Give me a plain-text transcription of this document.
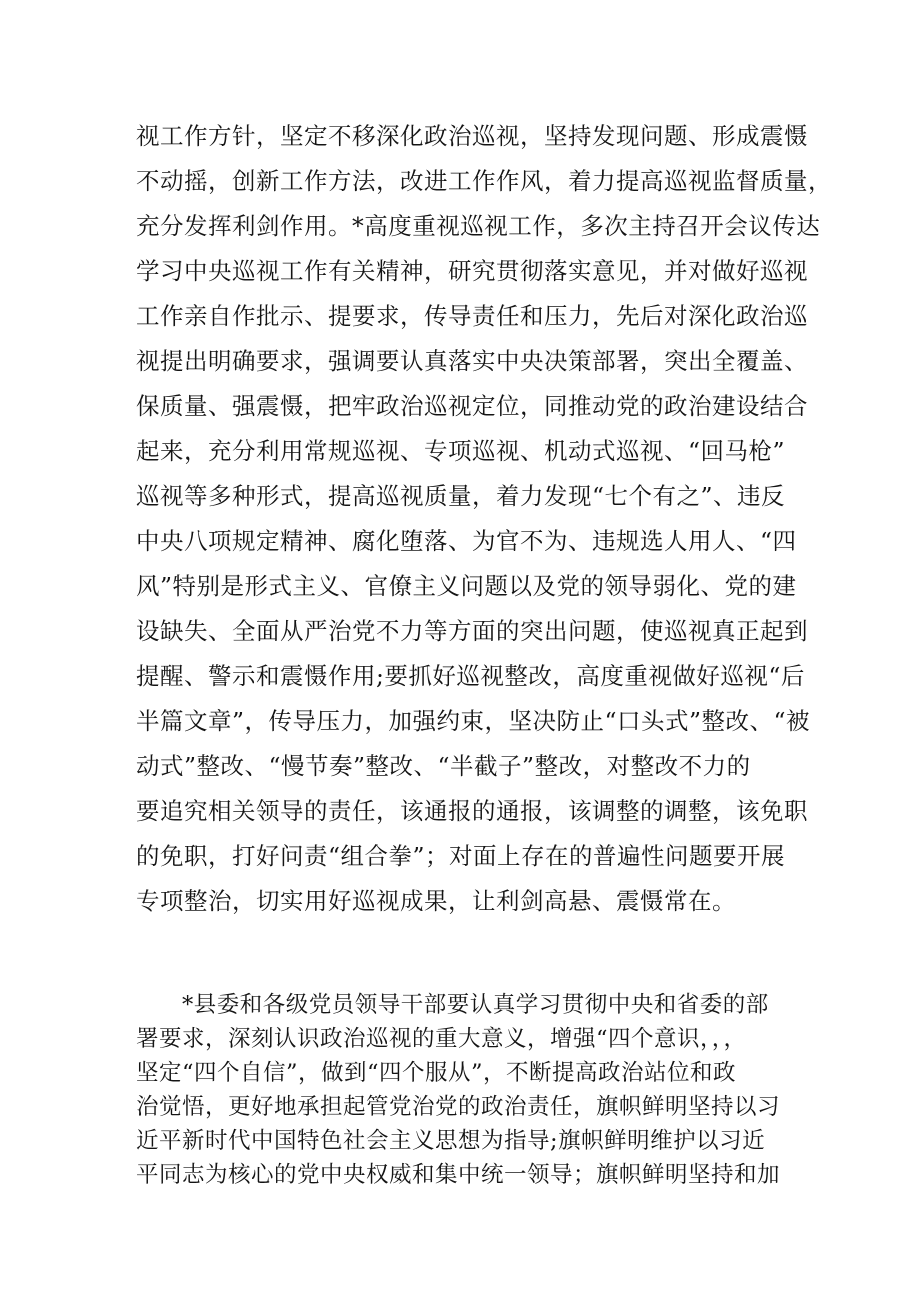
视工作方针，坚定不移深化政治巡视，坚持发现问题、形成震慑
不动摇，创新工作方法，改进工作作风，着力提高巡视监督质量，
充分发挥利剑作用。*高度重视巡视工作，多次主持召开会议传达
学习中央巡视工作有关精神，研究贯彻落实意见，并对做好巡视
工作亲自作批示、提要求，传导责任和压力，先后对深化政治巡
视提出明确要求，强调要认真落实中央决策部署，突出全覆盖、
保质量、强震慑，把牢政治巡视定位，同推动党的政治建设结合
起来，充分利用常规巡视、专项巡视、机动式巡视、“回马枪”
巡视等多种形式，提高巡视质量，着力发现“七个有之”、违反
中央八项规定精神、腐化堕落、为官不为、违规选人用人、“四
风”特别是形式主义、官僚主义问题以及党的领导弱化、党的建
设缺失、全面从严治党不力等方面的突出问题，使巡视真正起到
提醒、警示和震慑作用;要抓好巡视整改，高度重视做好巡视“后
半篇文章”，传导压力，加强约束，坚决防止“口头式”整改、“被
动式”整改、“慢节奏”整改、“半截子”整改，对整改不力的
要追究相关领导的责任，该通报的通报，该调整的调整，该免职
的免职，打好问责“组合拳”；对面上存在的普遍性问题要开展
专项整治，切实用好巡视成果，让利剑高悬、震慑常在。
*县委和各级党员领导干部要认真学习贯彻中央和省委的部
署要求，深刻认识政治巡视的重大意义，增强“四个意识，，，
坚定“四个自信”，做到“四个服从”，不断提高政治站位和政
治觉悟，更好地承担起管党治党的政治责任，旗帜鲜明坚持以习
近平新时代中国特色社会主义思想为指导;旗帜鲜明维护以习近
平同志为核心的党中央权威和集中统一领导；旗帜鲜明坚持和加
